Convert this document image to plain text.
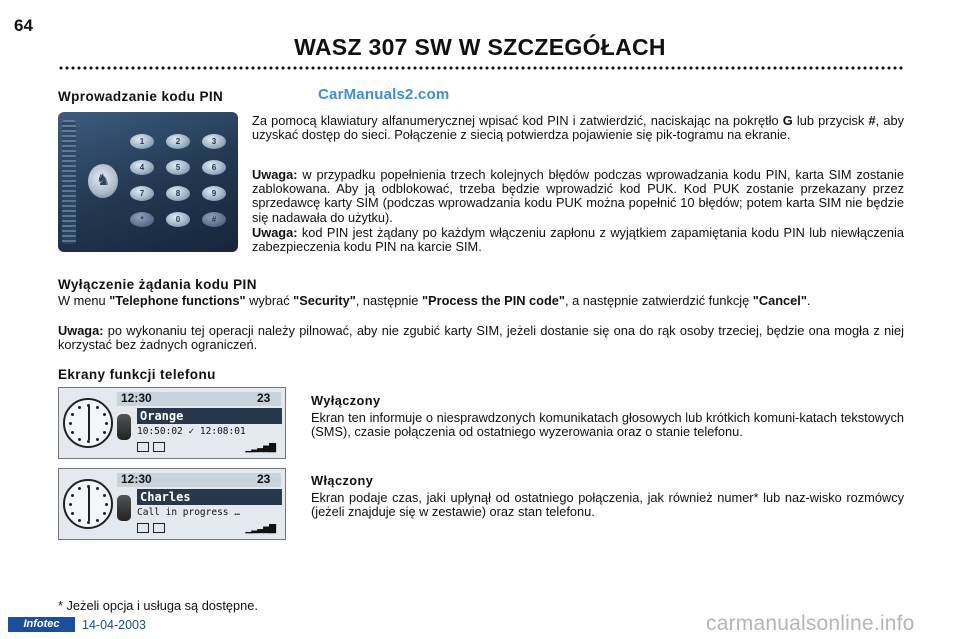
64
WASZ 307 SW W SZCZEGÓŁACH
Wprowadzanie kodu PIN	CarManuals2.com
♞
1	2	3
4	5	6
7	8	9
*	0	#
Za pomocą klawiatury alfanumerycznej wpisać kod PIN i zatwierdzić, naciskając na pokrętło G lub przycisk #, aby uzyskać dostęp do sieci. Połączenie z siecią potwierdza pojawienie się pik-togramu na ekranie.
Uwaga: w przypadku popełnienia trzech kolejnych błędów podczas wprowadzania kodu PIN, karta SIM zostanie zablokowana. Aby ją odblokować, trzeba będzie wprowadzić kod PUK. Kod PUK zostanie przekazany przez sprzedawcę karty SIM (podczas wprowadzania kodu PUK można popełnić 10 błędów; potem karta SIM nie będzie się nadawała do użytku).
Uwaga: kod PIN jest żądany po każdym włączeniu zapłonu z wyjątkiem zapamiętania kodu PIN lub niewłączenia zabezpieczenia kodu PIN na karcie SIM.
Wyłączenie żądania kodu PIN
W menu "Telephone functions" wybrać "Security", następnie "Process the PIN code", a następnie zatwierdzić funkcję "Cancel".
Uwaga: po wykonaniu tej operacji należy pilnować, aby nie zgubić karty SIM, jeżeli dostanie się ona do rąk osoby trzeciej, będzie ona mogła z niej korzystać bez żadnych ograniczeń.
Ekrany funkcji telefonu
12:30	23
Orange
10:50:02 ✓ 12:08:01
▁▂▃▅▇
Wyłączony
Ekran ten informuje o niesprawdzonych komunikatach głosowych lub krótkich komuni-katach tekstowych (SMS), czasie połączenia od ostatniego wyzerowania oraz o stanie telefonu.
12:30	23
Charles
Call in progress …
▁▂▃▅▇
Włączony
Ekran podaje czas, jaki upłynął od ostatniego połączenia, jak również numer* lub naz-wisko rozmówcy (jeżeli znajduje się w zestawie) oraz stan telefonu.
* Jeżeli opcja i usługa są dostępne.
Infotec	14-04-2003	carmanualsonline.info
